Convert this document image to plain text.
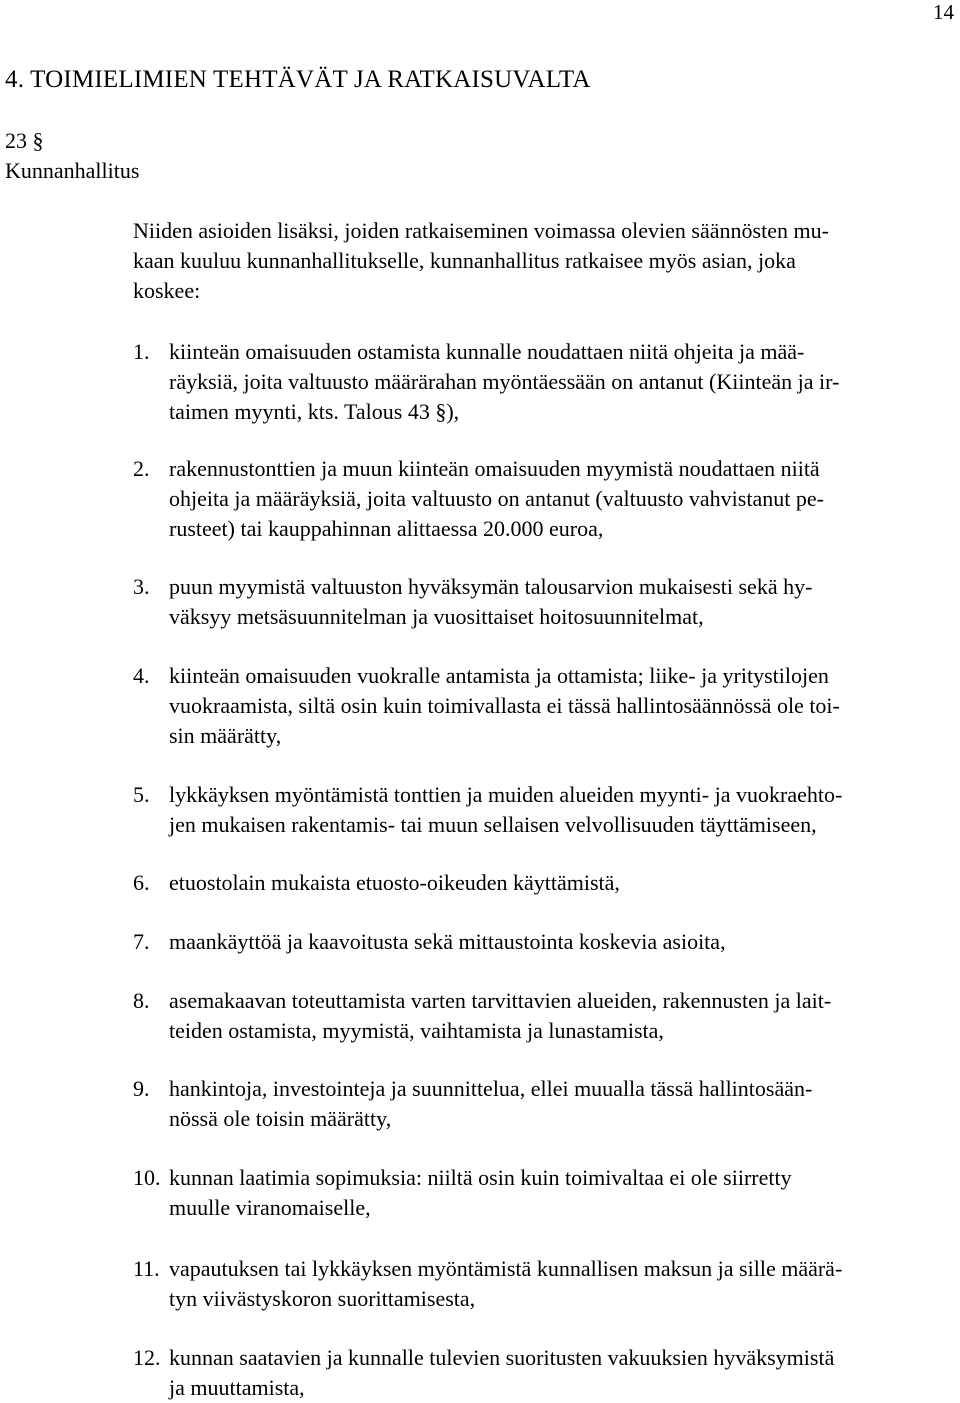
14
4. TOIMIELIMIEN TEHTÄVÄT JA RATKAISUVALTA
23 §
Kunnanhallitus

Niiden asioiden lisäksi, joiden ratkaiseminen voimassa olevien säännösten mu-
kaan kuuluu kunnanhallitukselle, kunnanhallitus ratkaisee myös asian, joka
koskee:

1. kiinteän omaisuuden ostamista kunnalle noudattaen niitä ohjeita ja mää-
räyksiä, joita valtuusto määrärahan myöntäessään on antanut (Kiinteän ja ir-
taimen myynti, kts. Talous 43 §),
2. rakennustonttien ja muun kiinteän omaisuuden myymistä noudattaen niitä
ohjeita ja määräyksiä, joita valtuusto on antanut (valtuusto vahvistanut pe-
rusteet) tai kauppahinnan alittaessa 20.000 euroa,
3. puun myymistä valtuuston hyväksymän talousarvion mukaisesti sekä hy-
väksyy metsäsuunnitelman ja vuosittaiset hoitosuunnitelmat,
4. kiinteän omaisuuden vuokralle antamista ja ottamista; liike- ja yritystilojen
vuokraamista, siltä osin kuin toimivallasta ei tässä hallintosäännössä ole toi-
sin määrätty,
5. lykkäyksen myöntämistä tonttien ja muiden alueiden myynti- ja vuokraehto-
jen mukaisen rakentamis- tai muun sellaisen velvollisuuden täyttämiseen,
6. etuostolain mukaista etuosto-oikeuden käyttämistä,
7. maankäyttöä ja kaavoitusta sekä mittaustointa koskevia asioita,
8. asemakaavan toteuttamista varten tarvittavien alueiden, rakennusten ja lait-
teiden ostamista, myymistä, vaihtamista ja lunastamista,
9. hankintoja, investointeja ja suunnittelua, ellei muualla tässä hallintosään-
nössä ole toisin määrätty,
10. kunnan laatimia sopimuksia: niiltä osin kuin toimivaltaa ei ole siirretty
muulle viranomaiselle,
11. vapautuksen tai lykkäyksen myöntämistä kunnallisen maksun ja sille määrä-
tyn viivästyskoron suorittamisesta,
12. kunnan saatavien ja kunnalle tulevien suoritusten vakuuksien hyväksymistä
ja muuttamista,
